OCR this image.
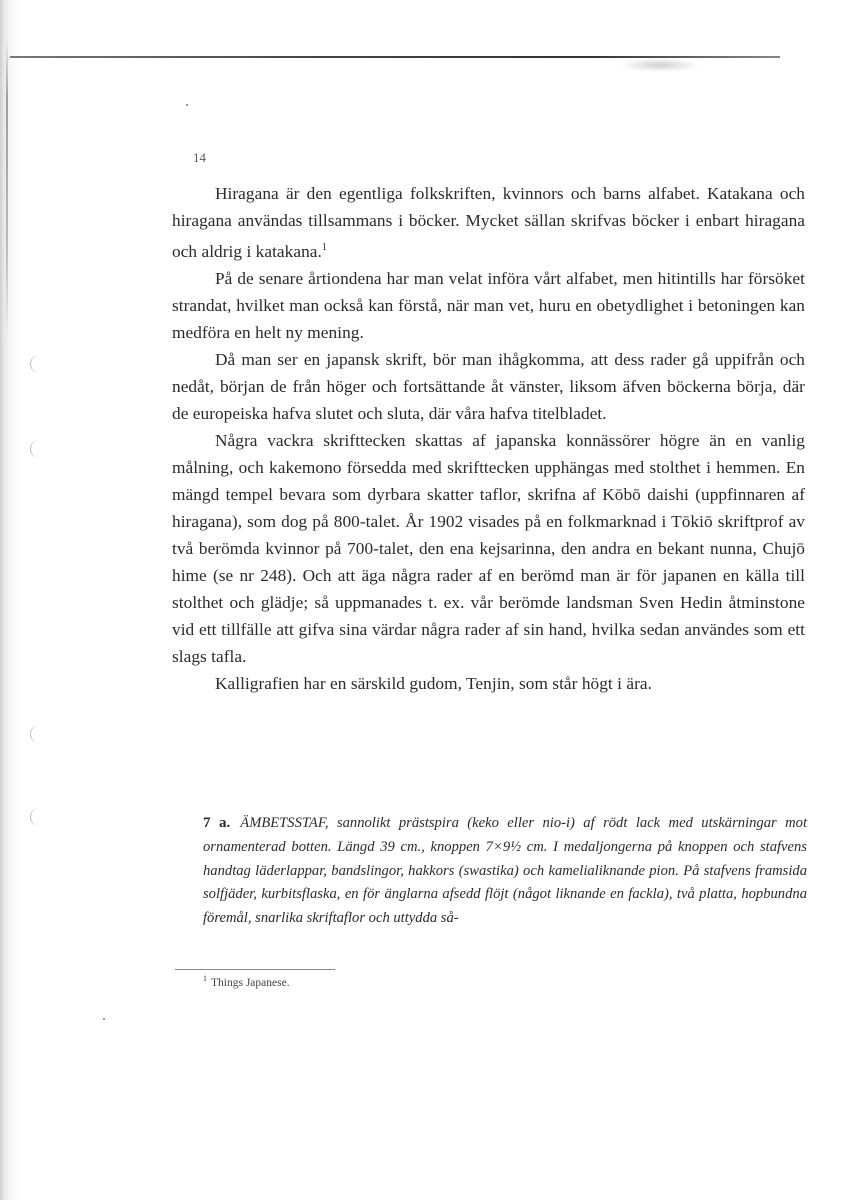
14

Hiragana är den egentliga folkskriften, kvinnors och barns alfabet. Katakana och hiragana användas tillsammans i böcker. Mycket sällan skrifvas böcker i enbart hiragana och aldrig i katakana.$^1$

På de senare årtiondena har man velat införa vårt alfabet, men hitintills har försöket strandat, hvilket man också kan förstå, när man vet, huru en obetydlighet i betoningen kan medföra en helt ny mening.

Då man ser en japansk skrift, bör man ihågkomma, att dess rader gå uppifrån och nedåt, början de från höger och fortsättande åt vänster, liksom äfven böckerna börja, där de europeiska hafva slutet och sluta, där våra hafva titelbladet.

Några vackra skrifttecken skattas af japanska konnässörer högre än en vanlig målning, och kakemono försedda med skrifttecken upphängas med stolthet i hemmen. En mängd tempel bevara som dyrbara skatter taflor, skrifna af Kōbō daishi (uppfinnaren af hiragana), som dog på 800-talet. År 1902 visades på en folkmarknad i Tōkiō skriftprof av två berömda kvinnor på 700-talet, den ena kejsarinna, den andra en bekant nunna, Chujō hime (se nr 248). Och att äga några rader af en berömd man är för japanen en källa till stolthet och glädje; så uppmanades t. ex. vår berömde landsman Sven Hedin åtminstone vid ett tillfälle att gifva sina värdar några rader af sin hand, hvilka sedan användes som ett slags tafla.

Kalligrafien har en särskild gudom, Tenjin, som står högt i ära.

7 a. ÄMBETSSTAF, sannolikt prästspira (keko eller nio-i) af rödt lack med utskärningar mot ornamenterad botten. Längd 39 cm., knoppen 7×9½ cm. I medaljongerna på knoppen och stafvens handtag läderlappar, bandslingor, hakkors (swastika) och kamelialiknande pion. På stafvens framsida solfjäder, kurbitsflaska, en för änglarna afsedd flöjt (något liknande en fackla), två platta, hopbundna föremål, snarlika skriftaflor och uttydda så-
$^1$ Things Japanese.
